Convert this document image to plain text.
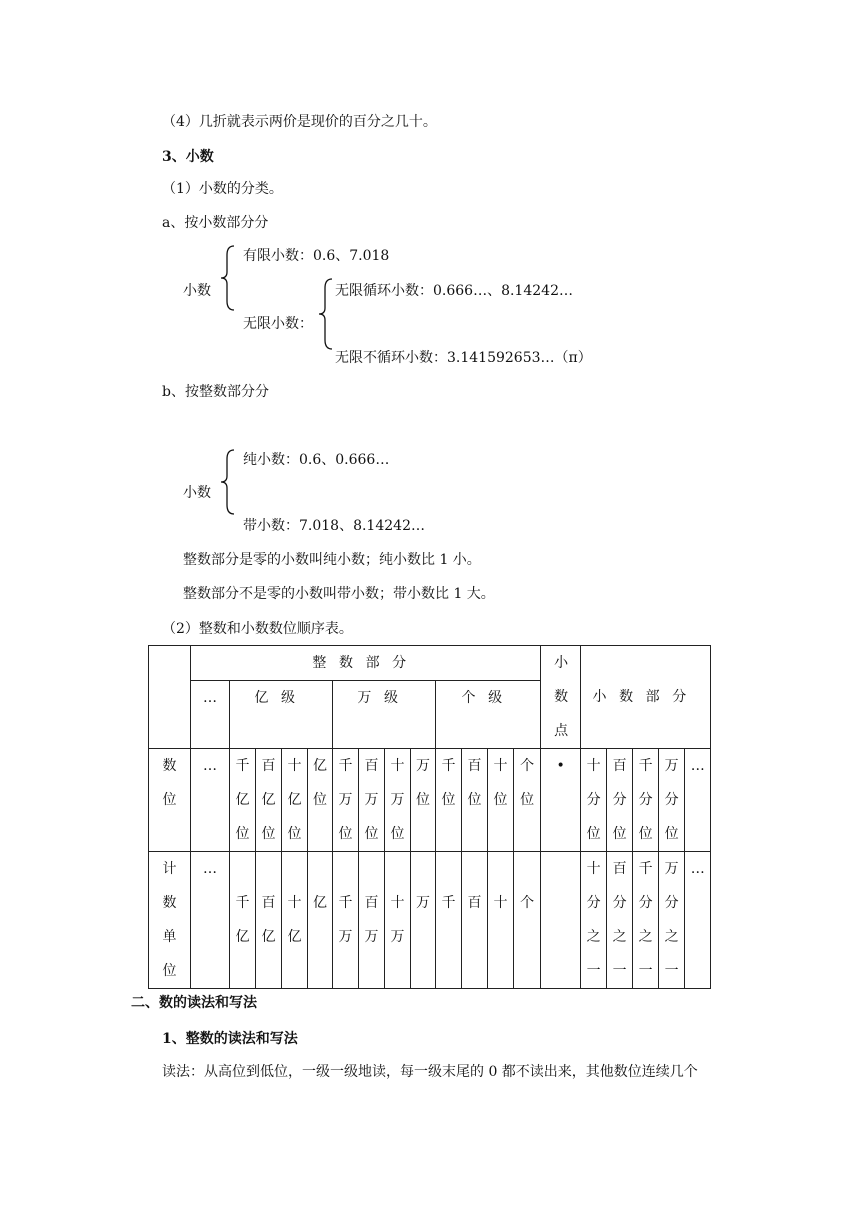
（4）几折就表示两价是现价的百分之几十。
3、小数
（1）小数的分类。
a、按小数部分分
小数
有限小数：0.6、7.018
无限小数：
无限循环小数：0.666…、8.14242…
无限不循环小数：3.141592653…（π）
b、按整数部分分
小数
纯小数：0.6、0.666…
带小数：7.018、8.14242…
整数部分是零的小数叫纯小数；纯小数比 1 小。
整数部分不是零的小数叫带小数；带小数比 1 大。
（2）整数和小数数位顺序表。
	整数部分													小数点	小数部分				
	…	亿级				万级				个级									
数位	…	千亿位	百亿位	十亿位	亿位	千万位	百万位	十万位	万位	千位	百位	十位	个位	•	十分位	百分位	千分位	万分位	…
计数单位	…	千亿	百亿	十亿	亿	千万	百万	十万	万	千	百	十	个		十分之一	百分之一	千分之一	万分之一	…
二、数的读法和写法
1、整数的读法和写法
读法：从高位到低位，一级一级地读，每一级末尾的 0 都不读出来，其他数位连续几个
